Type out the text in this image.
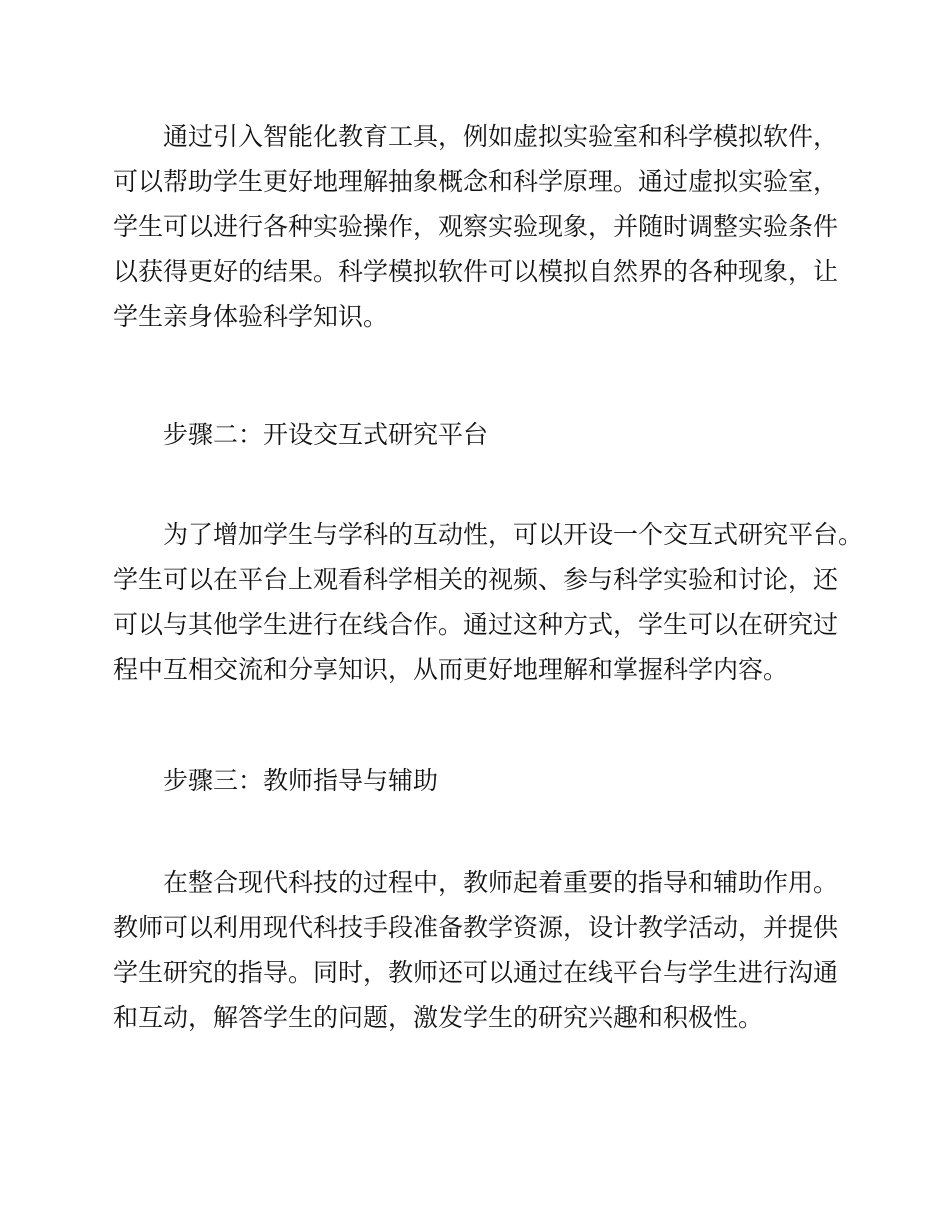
通过引入智能化教育工具，例如虚拟实验室和科学模拟软件，
可以帮助学生更好地理解抽象概念和科学原理。通过虚拟实验室，
学生可以进行各种实验操作，观察实验现象，并随时调整实验条件
以获得更好的结果。科学模拟软件可以模拟自然界的各种现象，让
学生亲身体验科学知识。
步骤二：开设交互式研究平台
为了增加学生与学科的互动性，可以开设一个交互式研究平台。
学生可以在平台上观看科学相关的视频、参与科学实验和讨论，还
可以与其他学生进行在线合作。通过这种方式，学生可以在研究过
程中互相交流和分享知识，从而更好地理解和掌握科学内容。
步骤三：教师指导与辅助
在整合现代科技的过程中，教师起着重要的指导和辅助作用。
教师可以利用现代科技手段准备教学资源，设计教学活动，并提供
学生研究的指导。同时，教师还可以通过在线平台与学生进行沟通
和互动，解答学生的问题，激发学生的研究兴趣和积极性。
